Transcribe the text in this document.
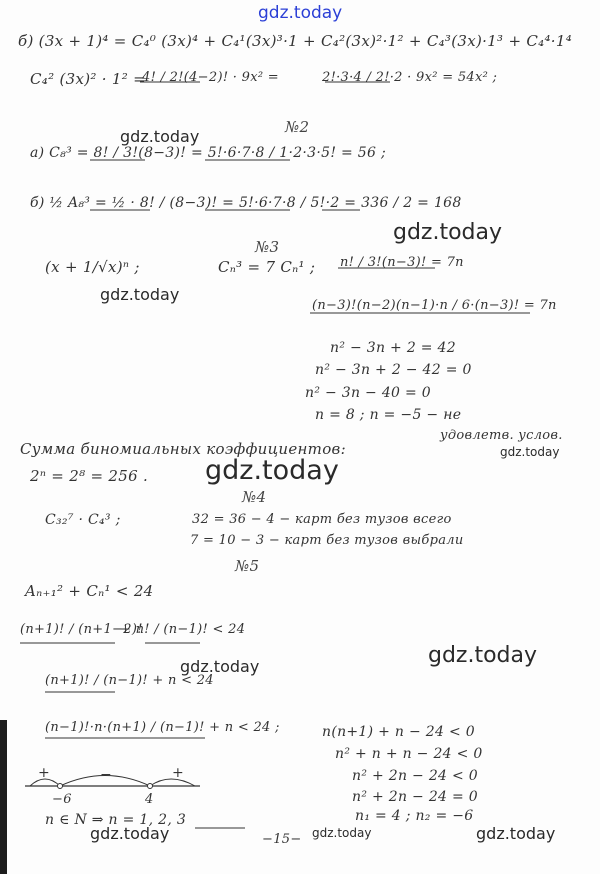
gdz.today
gdz.today
gdz.today
gdz.today
gdz.today
gdz.today
gdz.today
gdz.today
gdz.today	gdz.today	gdz.today
б) (3x + 1)⁴ = C₄⁰ (3x)⁴ + C₄¹(3x)³·1 + C₄²(3x)²·1² + C₄³(3x)·1³ + C₄⁴·1⁴
C₄² (3x)² · 1² =
4! / 2!(4−2)! · 9x² =	2!·3·4 / 2!·2 · 9x² = 54x² ;
№2
а) C₈³ = 8! / 3!(8−3)! = 5!·6·7·8 / 1·2·3·5! = 56 ;
б) ½ A₈³ = ½ · 8! / (8−3)! = 5!·6·7·8 / 5!·2 = 336 / 2 = 168
№3
(x + 1/√x)ⁿ ;	Cₙ³ = 7 Cₙ¹ ; n! / 3!(n−3)! = 7n
(n−3)!(n−2)(n−1)·n / 6·(n−3)! = 7n
n² − 3n + 2 = 42
n² − 3n + 2 − 42 = 0
n² − 3n − 40 = 0
n = 8 ; n = −5 − не
удовлетв. услов.
Сумма биномиальных коэффициентов:
2ⁿ = 2⁸ = 256 .
№4
C₃₂⁷ · C₄³ ;	32 = 36 − 4 − карт без тузов всего
7 = 10 − 3 − карт без тузов выбрали
№5
Aₙ₊₁² + Cₙ¹ < 24
(n+1)! / (n+1−2)!
+ n! / (n−1)! < 24
(n+1)! / (n−1)! + n < 24
(n−1)!·n·(n+1) / (n−1)! + n < 24 ;	n(n+1) + n − 24 < 0
n² + n + n − 24 < 0
n² + 2n − 24 < 0
n² + 2n − 24 = 0
n₁ = 4 ; n₂ = −6
+	−	+
−6	4
n ∈ N ⇒ n = 1, 2, 3
−15−
